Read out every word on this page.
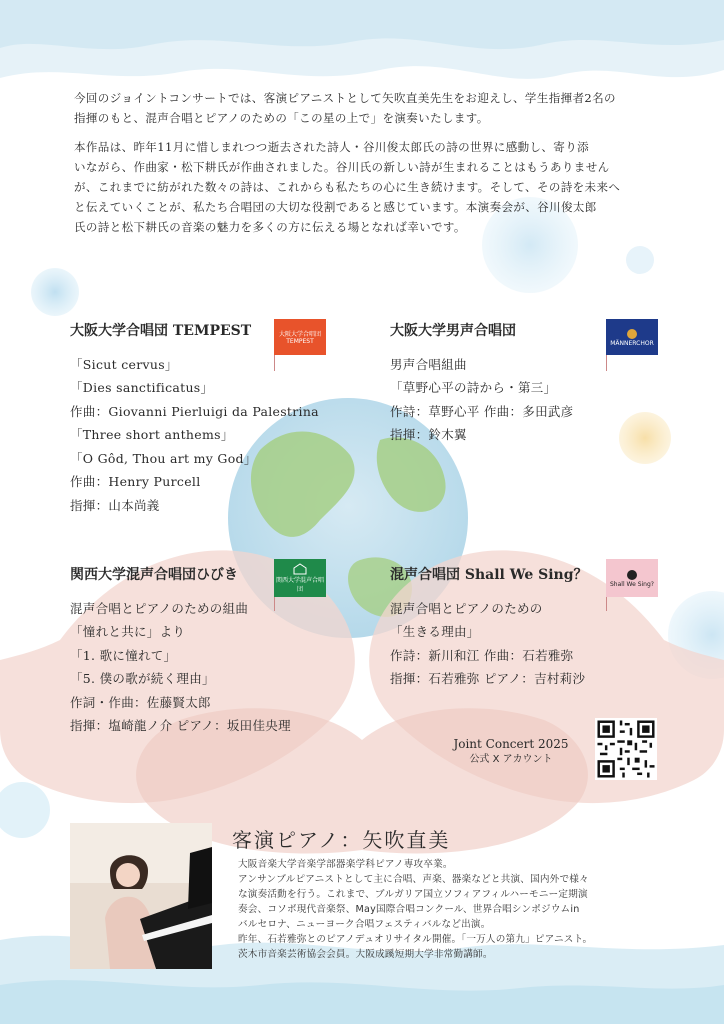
今回のジョイントコンサートでは、客演ピアニストとして矢吹直美先生をお迎えし、学生指揮者2名の
指揮のもと、混声合唱とピアノのための「この星の上で」を演奏いたします。

本作品は、昨年11月に惜しまれつつ逝去された詩人・谷川俊太郎氏の詩の世界に感動し、寄り添
いながら、作曲家・松下耕氏が作曲されました。谷川氏の新しい詩が生まれることはもうありません
が、これまでに紡がれた数々の詩は、これからも私たちの心に生き続けます。そして、その詩を未来へ
と伝えていくことが、私たち合唱団の大切な役割であると感じています。本演奏会が、谷川俊太郎
氏の詩と松下耕氏の音楽の魅力を多くの方に伝える場となれば幸いです。

大阪大学合唱団 TEMPEST
「Sicut cervus」
「Dies sanctificatus」
作曲：Giovanni Pierluigi da Palestrina
「Three short anthems」
「O Gôd, Thou art my God」
作曲：Henry Purcell
指揮：山本尚義
大阪大学合唱団 TEMPEST
大阪大学男声合唱団
男声合唱組曲
「草野心平の詩から・第三」
作詩：草野心平 作曲：多田武彦
指揮：鈴木翼
MÄNNERCHOR
関西大学混声合唱団ひびき
混声合唱とピアノのための組曲
「憧れと共に」より
「1. 歌に憧れて」
「5. 僕の歌が続く理由」
作詞・作曲：佐藤賢太郎
指揮：塩崎龍ノ介 ピアノ：坂田佳央理
関西大学混声合唱団
混声合唱団 Shall We Sing？
混声合唱とピアノのための
「生きる理由」
作詩：新川和江 作曲：石若雅弥
指揮：石若雅弥 ピアノ：吉村莉沙
Shall We Sing?
Joint Concert 2025
公式 X アカウント
客演ピアノ：矢吹直美
大阪音楽大学音楽学部器楽学科ピアノ専攻卒業。
アンサンブルピアニストとして主に合唱、声楽、器楽などと共演、国内外で様々
な演奏活動を行う。これまで、ブルガリア国立ソフィアフィルハーモニー定期演
奏会、コソボ現代音楽祭、May国際合唱コンクール、世界合唱シンポジウムin
バルセロナ、ニューヨーク合唱フェスティバルなど出演。
昨年、石若雅弥とのピアノデュオリサイタル開催。「一万人の第九」ピアニスト。
茨木市音楽芸術協会会員。大阪成蹊短期大学非常勤講師。
